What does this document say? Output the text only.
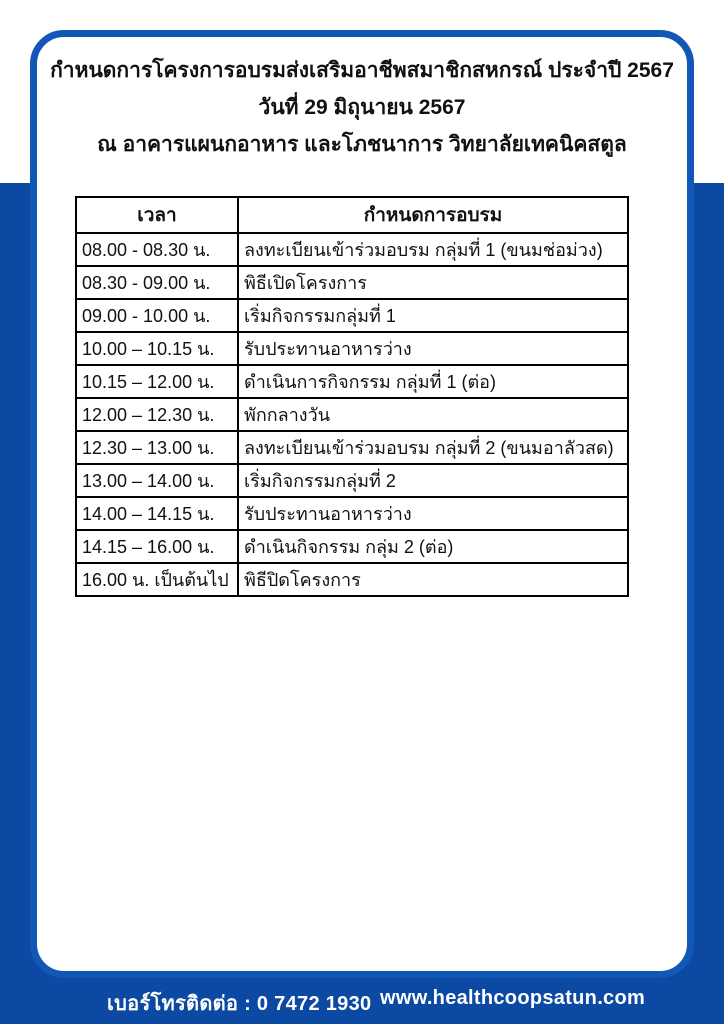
กำหนดการโครงการอบรมส่งเสริมอาชีพสมาชิกสหกรณ์ ประจำปี 2567
วันที่ 29 มิถุนายน 2567
ณ อาคารแผนกอาหาร และโภชนาการ วิทยาลัยเทคนิคสตูล
เวลา	กำหนดการอบรม
08.00 - 08.30 น.	ลงทะเบียนเข้าร่วมอบรม กลุ่มที่ 1 (ขนมช่อม่วง)
08.30 - 09.00 น.	พิธีเปิดโครงการ
09.00 - 10.00 น.	เริ่มกิจกรรมกลุ่มที่ 1
10.00 – 10.15 น.	รับประทานอาหารว่าง
10.15 – 12.00 น.	ดำเนินการกิจกรรม กลุ่มที่ 1 (ต่อ)
12.00 – 12.30 น.	พักกลางวัน
12.30 – 13.00 น.	ลงทะเบียนเข้าร่วมอบรม กลุ่มที่ 2 (ขนมอาลัวสด)
13.00 – 14.00 น.	เริ่มกิจกรรมกลุ่มที่ 2
14.00 – 14.15 น.	รับประทานอาหารว่าง
14.15 – 16.00 น.	ดำเนินกิจกรรม กลุ่ม 2 (ต่อ)
16.00 น. เป็นต้นไป	พิธีปิดโครงการ
เบอร์โทรติดต่อ : 0 7472 1930 www.healthcoopsatun.com
